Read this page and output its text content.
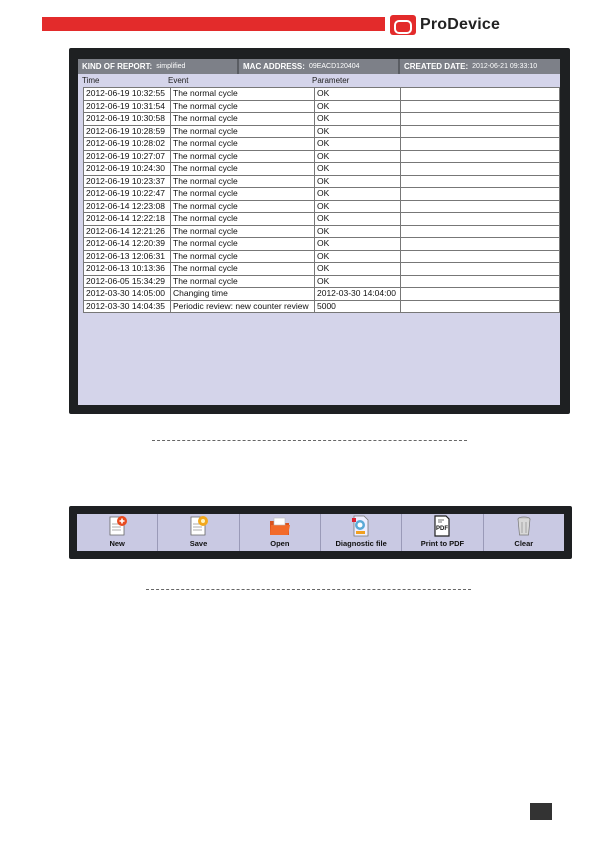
ProDevice
KIND OF REPORT: simplified	MAC ADDRESS: 09EACD120404	CREATED DATE: 2012-06-21 09:33:10
Time	Event	Parameter
2012-06-19 10:32:55	The normal cycle	OK	
2012-06-19 10:31:54	The normal cycle	OK	
2012-06-19 10:30:58	The normal cycle	OK	
2012-06-19 10:28:59	The normal cycle	OK	
2012-06-19 10:28:02	The normal cycle	OK	
2012-06-19 10:27:07	The normal cycle	OK	
2012-06-19 10:24:30	The normal cycle	OK	
2012-06-19 10:23:37	The normal cycle	OK	
2012-06-19 10:22:47	The normal cycle	OK	
2012-06-14 12:23:08	The normal cycle	OK	
2012-06-14 12:22:18	The normal cycle	OK	
2012-06-14 12:21:26	The normal cycle	OK	
2012-06-14 12:20:39	The normal cycle	OK	
2012-06-13 12:06:31	The normal cycle	OK	
2012-06-13 10:13:36	The normal cycle	OK	
2012-06-05 15:34:29	The normal cycle	OK	
2012-03-30 14:05:00	Changing time	2012-03-30 14:04:00	
2012-03-30 14:04:35	Periodic review: new counter review	5000	
New	Save	Open	Diagnostic file
PDF
Print to PDF	Clear
